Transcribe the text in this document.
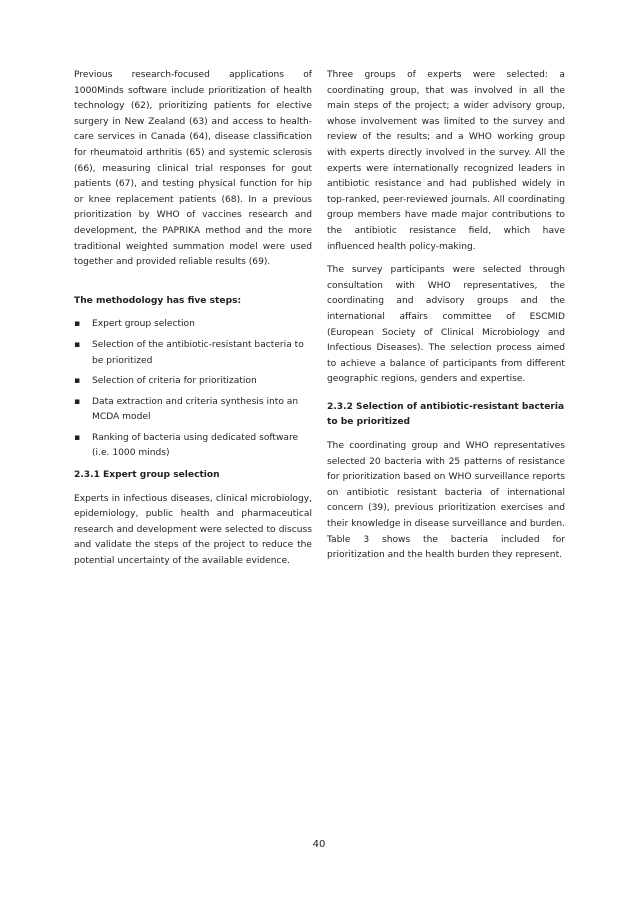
Previous research-focused applications of 1000Minds software include prioritization of health technology (62), prioritizing patients for elective surgery in New Zealand (63) and access to health-care services in Canada (64), disease classification for rheumatoid arthritis (65) and systemic sclerosis (66), measuring clinical trial responses for gout patients (67), and testing physical function for hip or knee replacement patients (68). In a previous prioritization by WHO of vaccines research and development, the PAPRIKA method and the more traditional weighted summation model were used together and provided reliable results (69).

The methodology has five steps:
▪ Expert group selection
▪ Selection of the antibiotic-resistant bacteria to be prioritized
▪ Selection of criteria for prioritization
▪ Data extraction and criteria synthesis into an MCDA model
▪ Ranking of bacteria using dedicated software (i.e. 1000 minds)
2.3.1 Expert group selection

Experts in infectious diseases, clinical microbiology, epidemiology, public health and pharmaceutical research and development were selected to discuss and validate the steps of the project to reduce the potential uncertainty of the available evidence.

Three groups of experts were selected: a coordinating group, that was involved in all the main steps of the project; a wider advisory group, whose involvement was limited to the survey and review of the results; and a WHO working group with experts directly involved in the survey. All the experts were internationally recognized leaders in antibiotic resistance and had published widely in top-ranked, peer-reviewed journals. All coordinating group members have made major contributions to the antibiotic resistance field, which have influenced health policy-making.

The survey participants were selected through consultation with WHO representatives, the coordinating and advisory groups and the international affairs committee of ESCMID (European Society of Clinical Microbiology and Infectious Diseases). The selection process aimed to achieve a balance of participants from different geographic regions, genders and expertise.

2.3.2 Selection of antibiotic-resistant bacteria to be prioritized

The coordinating group and WHO representatives selected 20 bacteria with 25 patterns of resistance for prioritization based on WHO surveillance reports on antibiotic resistant bacteria of international concern (39), previous prioritization exercises and their knowledge in disease surveillance and burden. Table 3 shows the bacteria included for prioritization and the health burden they represent.

40
